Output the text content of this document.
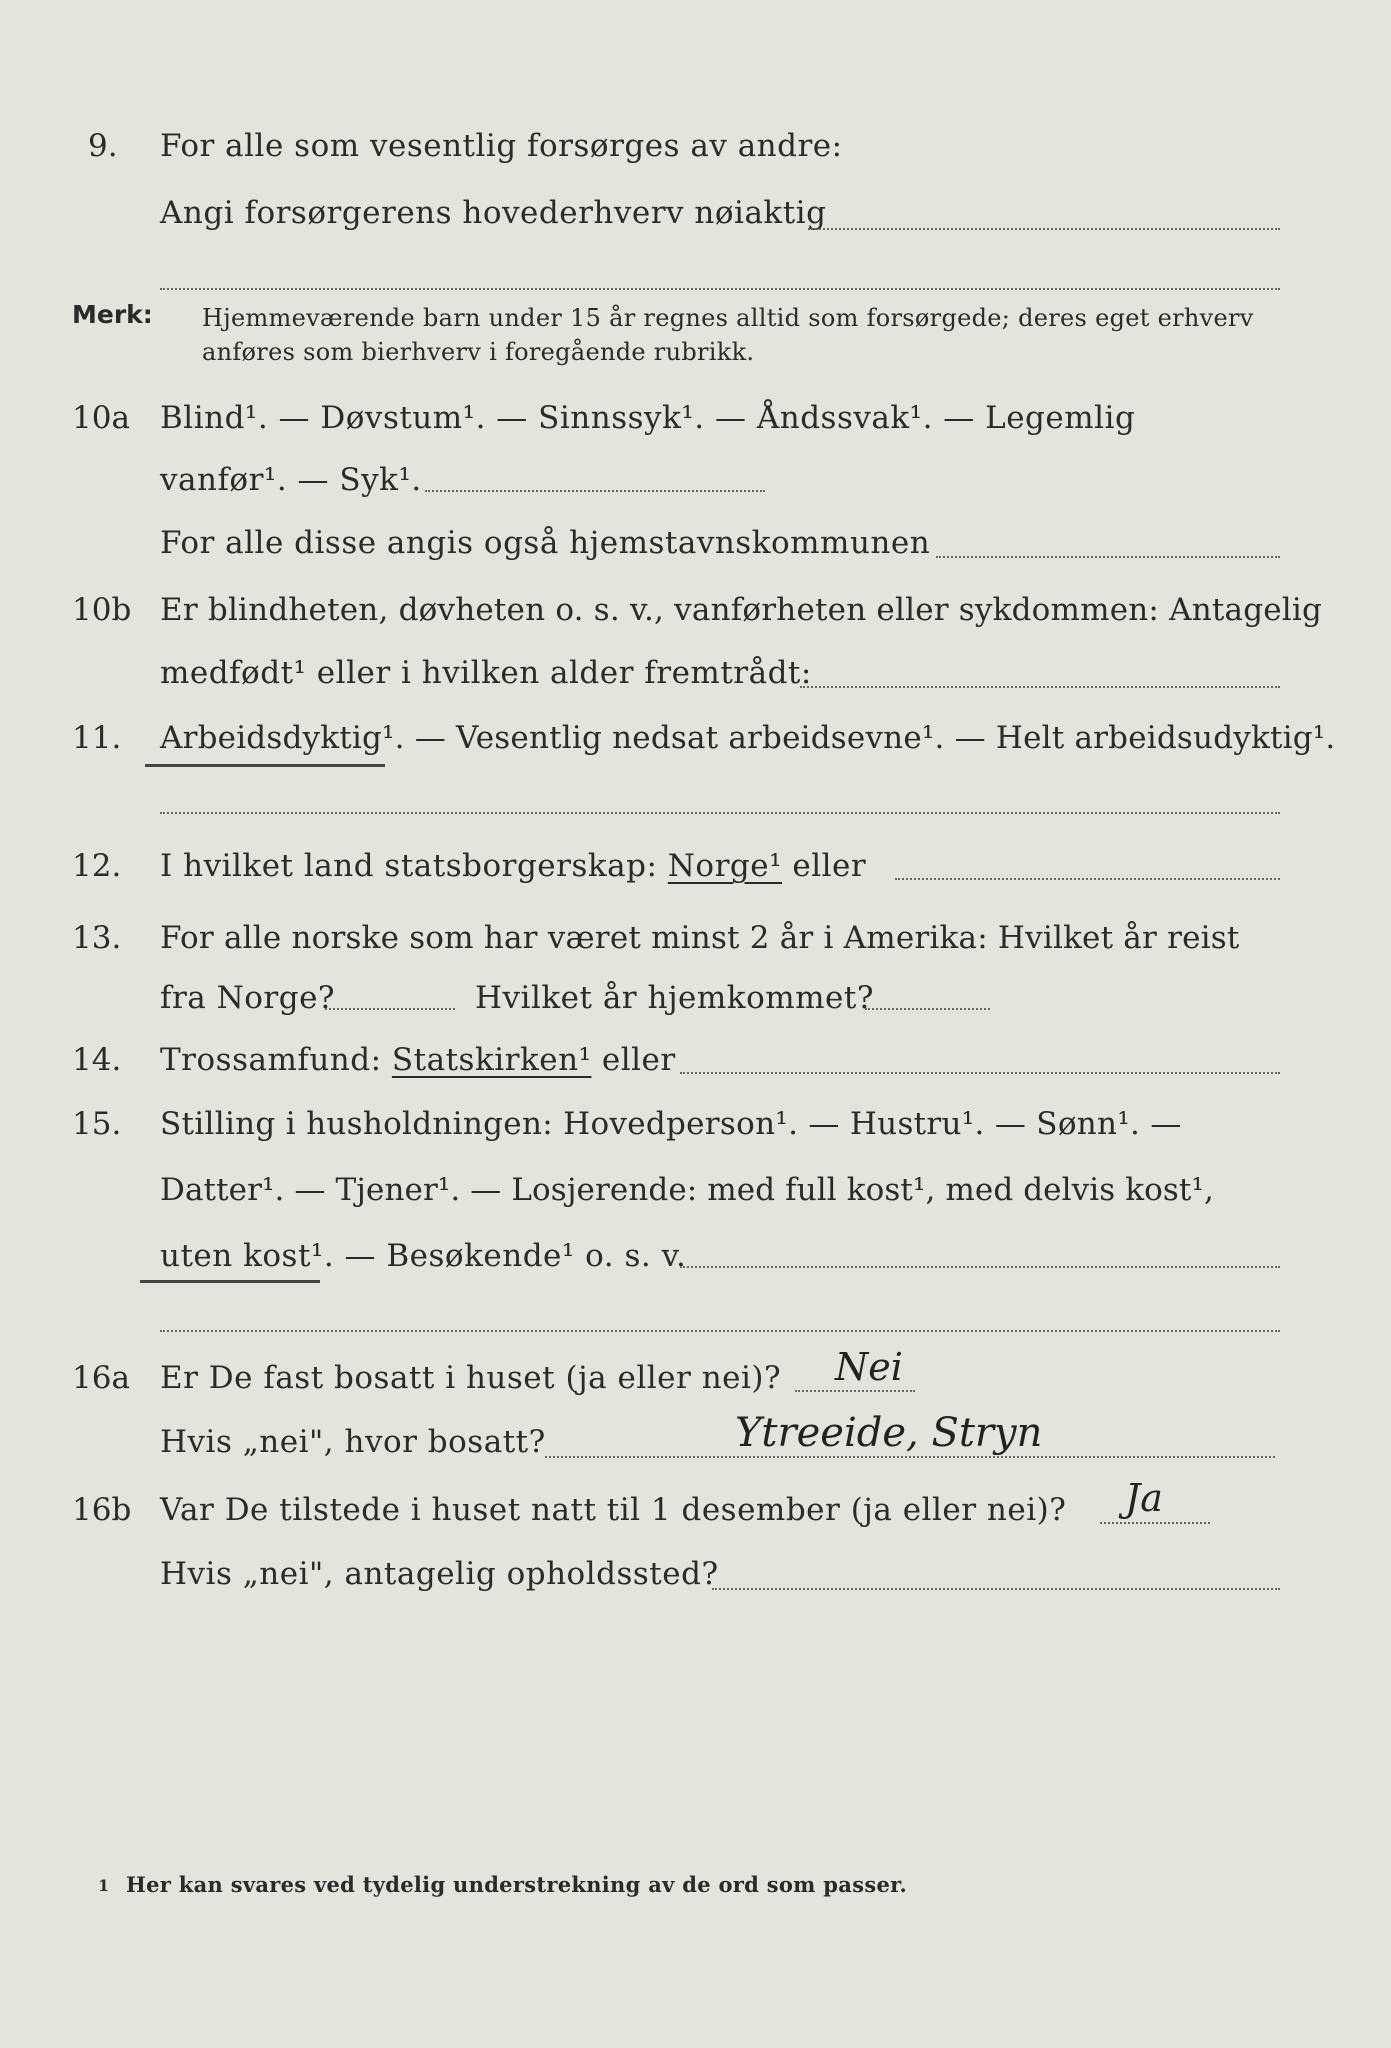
9. For alle som vesentlig forsørges av andre:
Angi forsørgerens hovederhverv nøiaktig
Merk: Hjemmeværende barn under 15 år regnes alltid som forsørgede; deres eget erhverv
anføres som bierhverv i foregående rubrikk.
10a Blind¹. — Døvstum¹. — Sinnssyk¹. — Åndssvak¹. — Legemlig
vanfør¹. — Syk¹.
For alle disse angis også hjemstavnskommunen
10b Er blindheten, døvheten o. s. v., vanførheten eller sykdommen: Antagelig
medfødt¹ eller i hvilken alder fremtrådt:
11. Arbeidsdyktig¹. — Vesentlig nedsat arbeidsevne¹. — Helt arbeidsudyktig¹.
12. I hvilket land statsborgerskap: Norge¹ eller
13. For alle norske som har været minst 2 år i Amerika: Hvilket år reist
fra Norge?	Hvilket år hjemkommet?
14. Trossamfund: Statskirken¹ eller
15. Stilling i husholdningen: Hovedperson¹. — Hustru¹. — Sønn¹. —
Datter¹. — Tjener¹. — Losjerende: med full kost¹, med delvis kost¹,
uten kost¹. — Besøkende¹ o. s. v.
16a Er De fast bosatt i huset (ja eller nei)? Nei
Hvis „nei", hvor bosatt?	Ytreeide, Stryn
16b Var De tilstede i huset natt til 1 desember (ja eller nei)? Ja
Hvis „nei", antagelig opholdssted?
1 Her kan svares ved tydelig understrekning av de ord som passer.
